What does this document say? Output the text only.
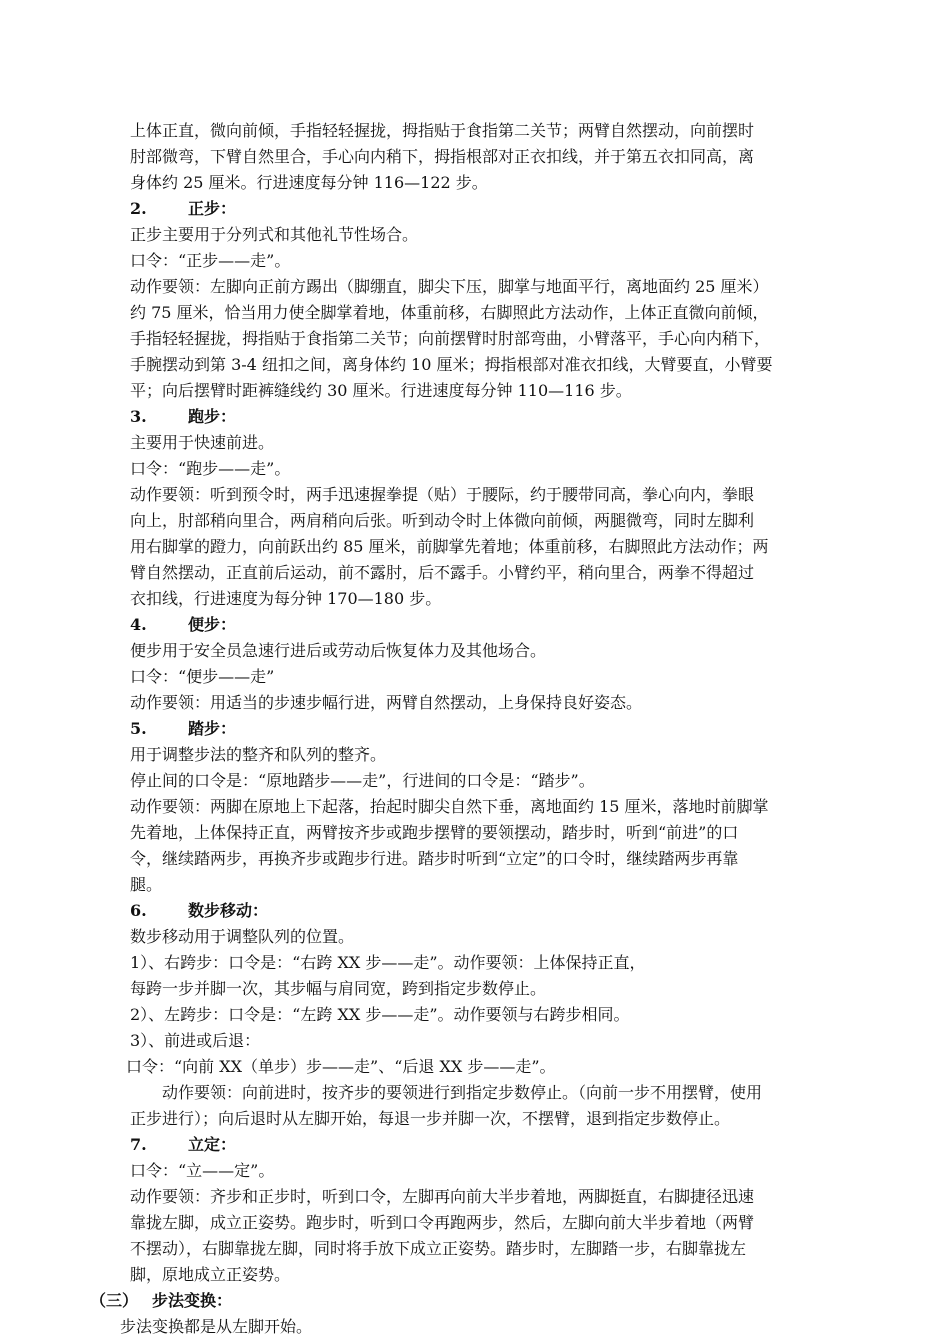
上体正直，微向前倾，手指轻轻握拢，拇指贴于食指第二关节；两臂自然摆动，向前摆时
肘部微弯，下臂自然里合，手心向内稍下，拇指根部对正衣扣线，并于第五衣扣同高，离
身体约 25 厘米。行进速度每分钟 116—122 步。
2.	正步：
正步主要用于分列式和其他礼节性场合。
口令：“正步——走”。
动作要领：左脚向正前方踢出（脚绷直，脚尖下压，脚掌与地面平行，离地面约 25 厘米）
约 75 厘米，恰当用力使全脚掌着地，体重前移，右脚照此方法动作，上体正直微向前倾，
手指轻轻握拢，拇指贴于食指第二关节；向前摆臂时肘部弯曲，小臂落平，手心向内稍下，
手腕摆动到第 3-4 纽扣之间，离身体约 10 厘米；拇指根部对准衣扣线，大臂要直，小臂要
平；向后摆臂时距裤缝线约 30 厘米。行进速度每分钟 110—116 步。
3.	跑步：
主要用于快速前进。
口令：“跑步——走”。
动作要领：听到预令时，两手迅速握拳提（贴）于腰际，约于腰带同高，拳心向内，拳眼
向上，肘部稍向里合，两肩稍向后张。听到动令时上体微向前倾，两腿微弯，同时左脚利
用右脚掌的蹬力，向前跃出约 85 厘米，前脚掌先着地；体重前移，右脚照此方法动作；两
臂自然摆动，正直前后运动，前不露肘，后不露手。小臂约平，稍向里合，两拳不得超过
衣扣线，行进速度为每分钟 170—180 步。
4.	便步：
便步用于安全员急速行进后或劳动后恢复体力及其他场合。
口令：“便步——走”
动作要领：用适当的步速步幅行进，两臂自然摆动，上身保持良好姿态。
5.	踏步：
用于调整步法的整齐和队列的整齐。
停止间的口令是：“原地踏步——走”，行进间的口令是：“踏步”。
动作要领：两脚在原地上下起落，抬起时脚尖自然下垂，离地面约 15 厘米，落地时前脚掌
先着地，上体保持正直，两臂按齐步或跑步摆臂的要领摆动，踏步时，听到“前进”的口
令，继续踏两步，再换齐步或跑步行进。踏步时听到“立定”的口令时，继续踏两步再靠
腿。
6.	数步移动：
数步移动用于调整队列的位置。
1）、右跨步：口令是：“右跨 XX 步——走”。动作要领：上体保持正直，
每跨一步并脚一次，其步幅与肩同宽，跨到指定步数停止。
2）、左跨步：口令是：“左跨 XX 步——走”。动作要领与右跨步相同。
3）、前进或后退：
口令：“向前 XX（单步）步——走”、“后退 XX 步——走”。
动作要领：向前进时，按齐步的要领进行到指定步数停止。（向前一步不用摆臂，使用
正步进行）；向后退时从左脚开始，每退一步并脚一次，不摆臂，退到指定步数停止。
7.	立定：
口令：“立——定”。
动作要领：齐步和正步时，听到口令，左脚再向前大半步着地，两脚挺直，右脚捷径迅速
靠拢左脚，成立正姿势。跑步时，听到口令再跑两步，然后，左脚向前大半步着地（两臂
不摆动），右脚靠拢左脚，同时将手放下成立正姿势。踏步时，左脚踏一步，右脚靠拢左
脚，原地成立正姿势。
（三） 步法变换：
步法变换都是从左脚开始。
